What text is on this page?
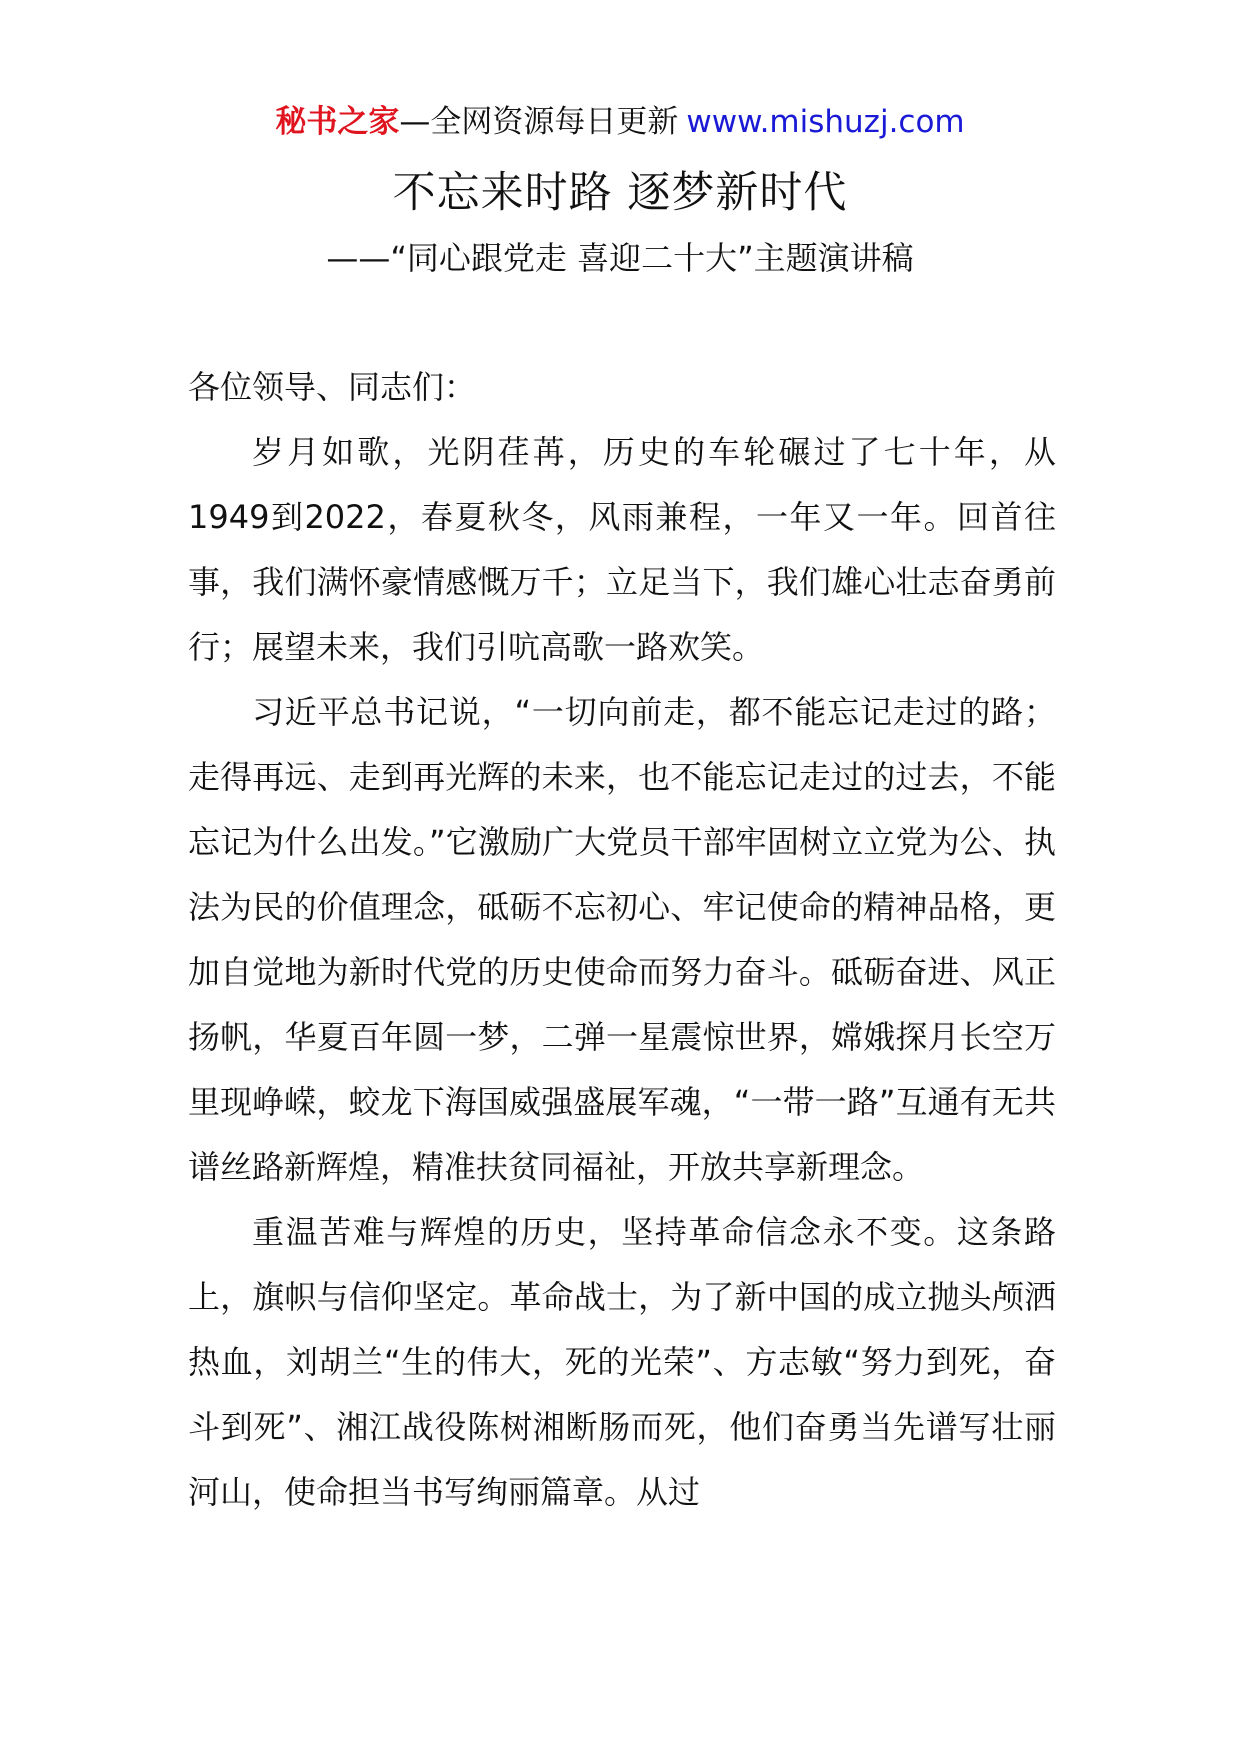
秘书之家—全网资源每日更新 www.mishuzj.com
不忘来时路 逐梦新时代
——“同心跟党走 喜迎二十大”主题演讲稿

各位领导、同志们：

岁月如歌，光阴荏苒，历史的车轮碾过了七十年，从1949到2022，春夏秋冬，风雨兼程，一年又一年。回首往事，我们满怀豪情感慨万千；立足当下，我们雄心壮志奋勇前行；展望未来，我们引吭高歌一路欢笑。

习近平总书记说，“一切向前走，都不能忘记走过的路；走得再远、走到再光辉的未来，也不能忘记走过的过去，不能忘记为什么出发。”它激励广大党员干部牢固树立立党为公、执法为民的价值理念，砥砺不忘初心、牢记使命的精神品格，更加自觉地为新时代党的历史使命而努力奋斗。砥砺奋进、风正扬帆，华夏百年圆一梦，二弹一星震惊世界，嫦娥探月长空万里现峥嵘，蛟龙下海国威强盛展军魂，“一带一路”互通有无共谱丝路新辉煌，精准扶贫同福祉，开放共享新理念。

重温苦难与辉煌的历史，坚持革命信念永不变。这条路上，旗帜与信仰坚定。革命战士，为了新中国的成立抛头颅洒热血，刘胡兰“生的伟大，死的光荣”、方志敏“努力到死，奋斗到死”、湘江战役陈树湘断肠而死，他们奋勇当先谱写壮丽河山，使命担当书写绚丽篇章。从过
